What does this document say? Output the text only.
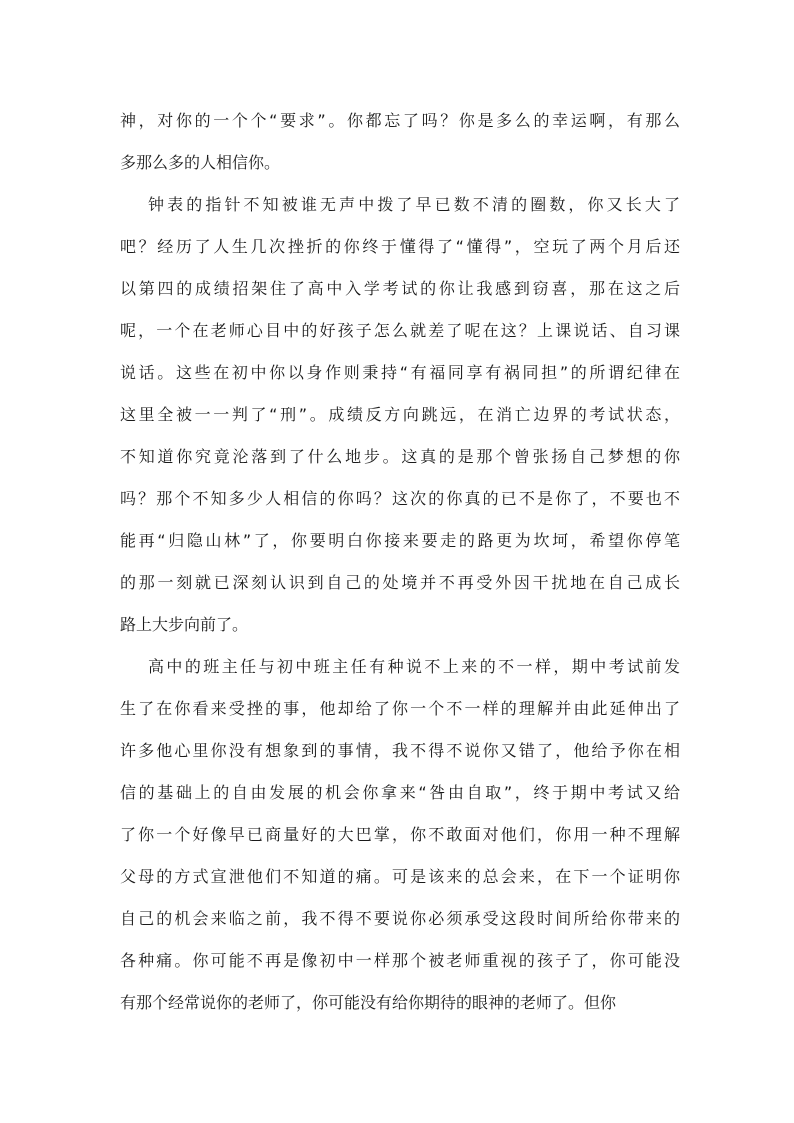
神，对你的一个个“要求”。你都忘了吗？你是多么的幸运啊，有那么
多那么多的人相信你。
钟表的指针不知被谁无声中拨了早已数不清的圈数，你又长大了
吧？经历了人生几次挫折的你终于懂得了“懂得”，空玩了两个月后还
以第四的成绩招架住了高中入学考试的你让我感到窃喜，那在这之后
呢，一个在老师心目中的好孩子怎么就差了呢在这？上课说话、自习课
说话。这些在初中你以身作则秉持“有福同享有祸同担”的所谓纪律在
这里全被一一判了“刑”。成绩反方向跳远，在消亡边界的考试状态，
不知道你究竟沦落到了什么地步。这真的是那个曾张扬自己梦想的你
吗？那个不知多少人相信的你吗？这次的你真的已不是你了，不要也不
能再“归隐山林”了，你要明白你接来要走的路更为坎坷，希望你停笔
的那一刻就已深刻认识到自己的处境并不再受外因干扰地在自己成长
路上大步向前了。
高中的班主任与初中班主任有种说不上来的不一样，期中考试前发
生了在你看来受挫的事，他却给了你一个不一样的理解并由此延伸出了
许多他心里你没有想象到的事情，我不得不说你又错了，他给予你在相
信的基础上的自由发展的机会你拿来“咎由自取”，终于期中考试又给
了你一个好像早已商量好的大巴掌，你不敢面对他们，你用一种不理解
父母的方式宣泄他们不知道的痛。可是该来的总会来，在下一个证明你
自己的机会来临之前，我不得不要说你必须承受这段时间所给你带来的
各种痛。你可能不再是像初中一样那个被老师重视的孩子了，你可能没
有那个经常说你的老师了，你可能没有给你期待的眼神的老师了。但你
